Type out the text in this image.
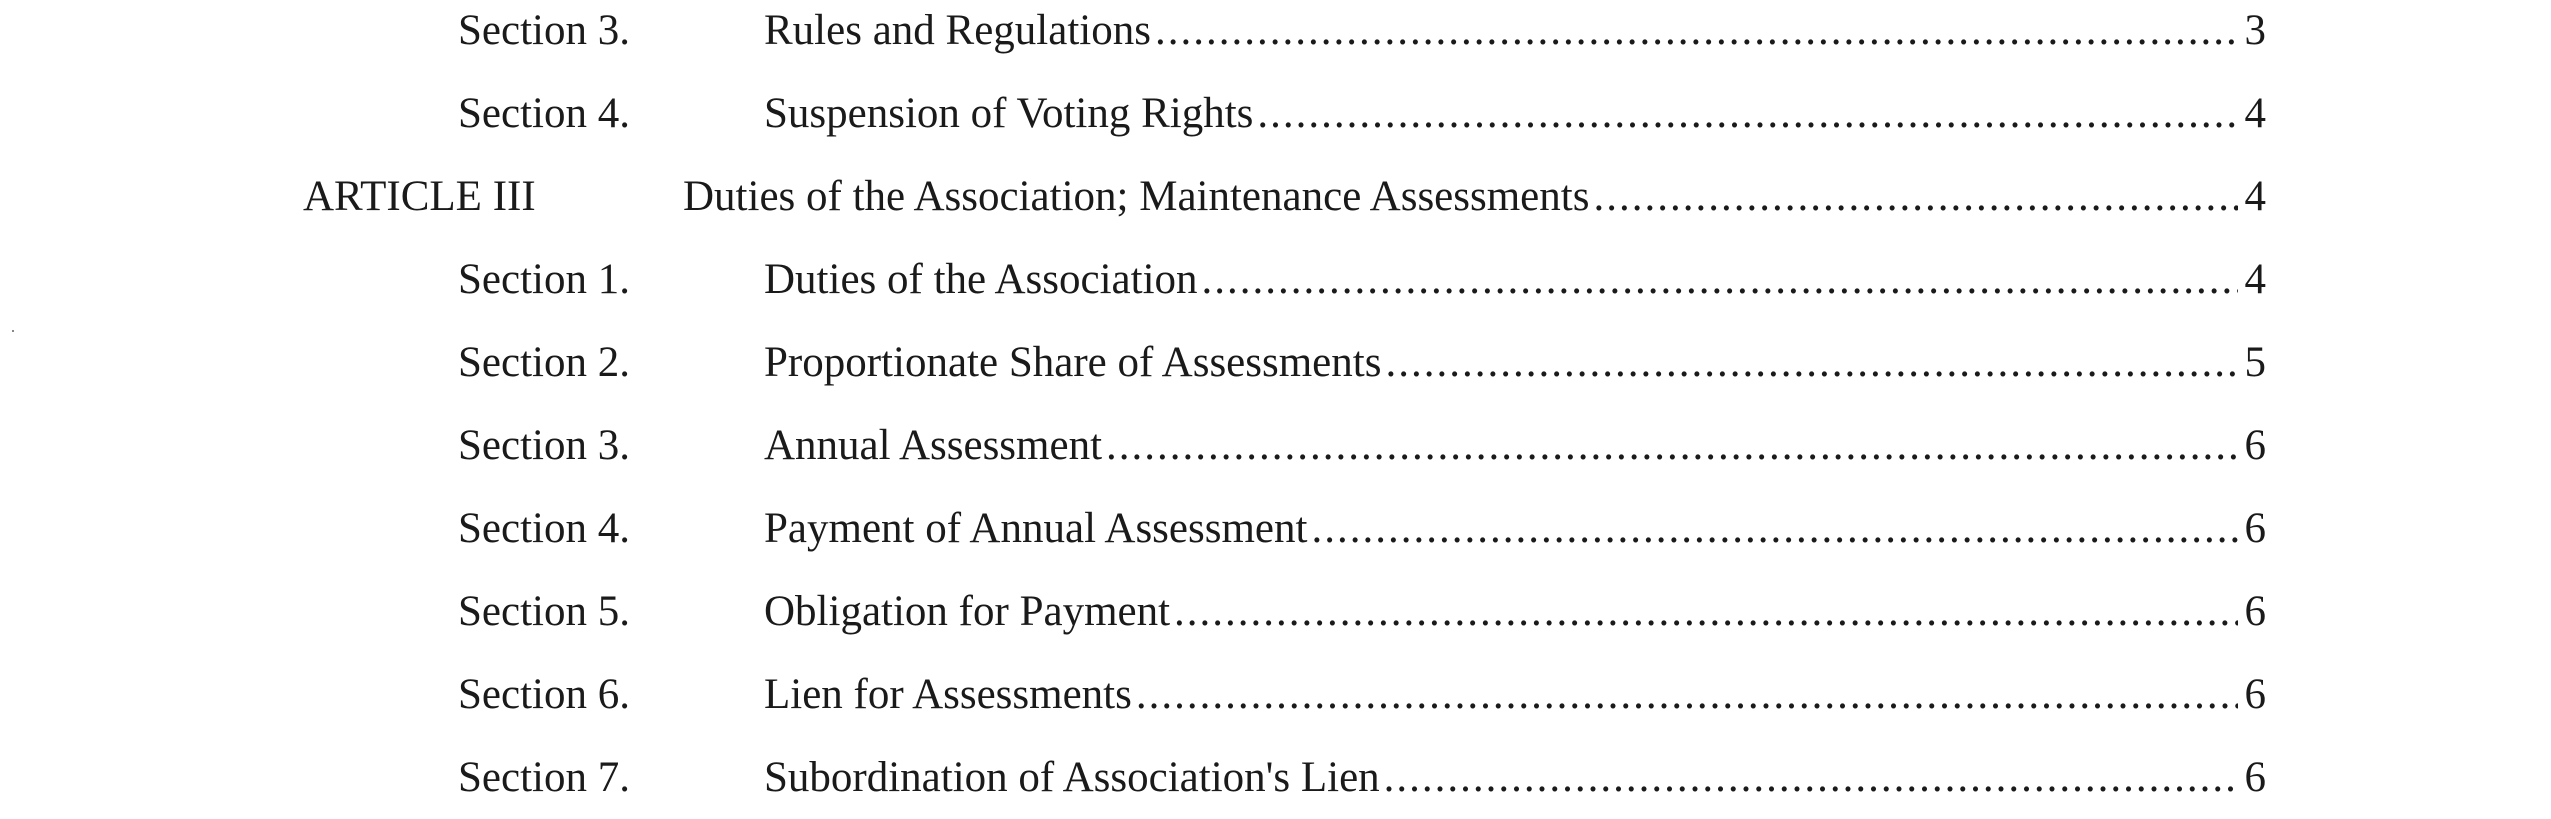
Section 3.	Rules and Regulations .....	3
Section 4.	Suspension of Voting Rights .....	4
ARTICLE III	Duties of the Association; Maintenance Assessments .....	4
Section 1.	Duties of the Association .....	4
Section 2.	Proportionate Share of Assessments .....	5
Section 3.	Annual Assessment .....	6
Section 4.	Payment of Annual Assessment .....	6
Section 5.	Obligation for Payment .....	6
Section 6.	Lien for Assessments .....	6
Section 7.	Subordination of Association's Lien .....	6
